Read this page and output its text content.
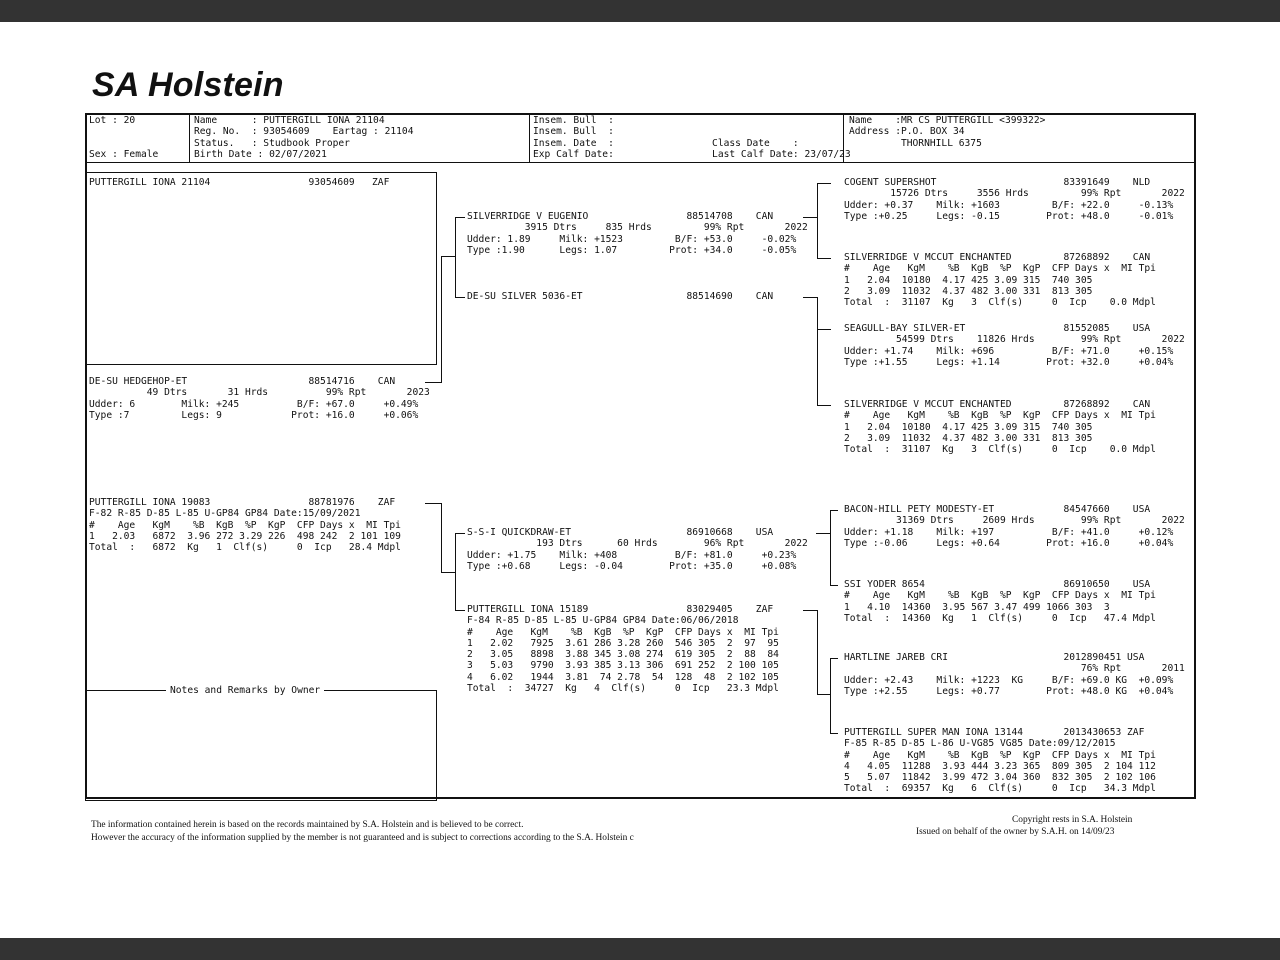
SA Holstein
Lot : 20

Sex : Female
Name      : PUTTERGILL IONA 21104
Reg. No.  : 93054609    Eartag : 21104
Status.   : Studbook Proper
Birth Date : 02/07/2021
Insem. Bull  :
Insem. Bull  :
Insem. Date  :                 Class Date    :
Exp Calf Date:                 Last Calf Date: 23/07/23
Name    :MR CS PUTTERGILL <399322>
Address :P.O. BOX 34
THORNHILL 6375
PUTTERGILL IONA 21104                 93054609   ZAF
DE-SU HEDGEHOP-ET                     88514716    CAN
49 Dtrs       31 Hrds          99% Rpt       2023
Udder: 6        Milk: +245          B/F: +67.0     +0.49%
Type :7         Legs: 9            Prot: +16.0     +0.06%
PUTTERGILL IONA 19083                 88781976    ZAF
F-82 R-85 D-85 L-85 U-GP84 GP84 Date:15/09/2021
#    Age   KgM    %B  KgB  %P  KgP  CFP Days x  MI Tpi
1   2.03   6872  3.96 272 3.29 226  498 242  2 101 109
Total  :   6872  Kg   1  Clf(s)     0  Icp   28.4 Mdpl
SILVERRIDGE V EUGENIO                 88514708    CAN
3915 Dtrs     835 Hrds         99% Rpt       2022
Udder: 1.89     Milk: +1523         B/F: +53.0     -0.02%
Type :1.90      Legs: 1.07         Prot: +34.0     -0.05%
DE-SU SILVER 5036-ET                  88514690    CAN
S-S-I QUICKDRAW-ET                    86910668    USA
193 Dtrs      60 Hrds        96% Rpt       2022
Udder: +1.75    Milk: +408          B/F: +81.0     +0.23%
Type :+0.68     Legs: -0.04        Prot: +35.0     +0.08%
PUTTERGILL IONA 15189                 83029405    ZAF
F-84 R-85 D-85 L-85 U-GP84 GP84 Date:06/06/2018
#    Age   KgM    %B  KgB  %P  KgP  CFP Days x  MI Tpi
1   2.02   7925  3.61 286 3.28 260  546 305  2  97  95
2   3.05   8898  3.88 345 3.08 274  619 305  2  88  84
3   5.03   9790  3.93 385 3.13 306  691 252  2 100 105
4   6.02   1944  3.81  74 2.78  54  128  48  2 102 105
Total  :  34727  Kg   4  Clf(s)     0  Icp   23.3 Mdpl
COGENT SUPERSHOT                      83391649    NLD
15726 Dtrs     3556 Hrds         99% Rpt       2022
Udder: +0.37    Milk: +1603         B/F: +22.0     -0.13%
Type :+0.25     Legs: -0.15        Prot: +48.0     -0.01%
SILVERRIDGE V MCCUT ENCHANTED         87268892    CAN
#    Age   KgM    %B  KgB  %P  KgP  CFP Days x  MI Tpi
1   2.04  10180  4.17 425 3.09 315  740 305
2   3.09  11032  4.37 482 3.00 331  813 305
Total  :  31107  Kg   3  Clf(s)     0  Icp    0.0 Mdpl
SEAGULL-BAY SILVER-ET                 81552085    USA
54599 Dtrs    11826 Hrds        99% Rpt       2022
Udder: +1.74    Milk: +696          B/F: +71.0     +0.15%
Type :+1.55     Legs: +1.14        Prot: +32.0     +0.04%
SILVERRIDGE V MCCUT ENCHANTED         87268892    CAN
#    Age   KgM    %B  KgB  %P  KgP  CFP Days x  MI Tpi
1   2.04  10180  4.17 425 3.09 315  740 305
2   3.09  11032  4.37 482 3.00 331  813 305
Total  :  31107  Kg   3  Clf(s)     0  Icp    0.0 Mdpl
BACON-HILL PETY MODESTY-ET            84547660    USA
31369 Dtrs     2609 Hrds        99% Rpt       2022
Udder: +1.18    Milk: +197          B/F: +41.0     +0.12%
Type :-0.06     Legs: +0.64        Prot: +16.0     +0.04%
SSI YODER 8654                        86910650    USA
#    Age   KgM    %B  KgB  %P  KgP  CFP Days x  MI Tpi
1   4.10  14360  3.95 567 3.47 499 1066 303  3
Total  :  14360  Kg   1  Clf(s)     0  Icp   47.4 Mdpl
HARTLINE JAREB CRI                    2012890451 USA
76% Rpt       2011
Udder: +2.43    Milk: +1223  KG     B/F: +69.0 KG  +0.09%
Type :+2.55     Legs: +0.77        Prot: +48.0 KG  +0.04%
PUTTERGILL SUPER MAN IONA 13144       2013430653 ZAF
F-85 R-85 D-85 L-86 U-VG85 VG85 Date:09/12/2015
#    Age   KgM    %B  KgB  %P  KgP  CFP Days x  MI Tpi
4   4.05  11288  3.93 444 3.23 365  809 305  2 104 112
5   5.07  11842  3.99 472 3.04 360  832 305  2 102 106
Total  :  69357  Kg   6  Clf(s)     0  Icp   34.3 Mdpl
Notes and Remarks by Owner
The information contained herein is based on the records maintained by S.A. Holstein and is believed to be correct.
However the accuracy of the information supplied by the member is not guaranteed and is subject to corrections according to the S.A. Holstein c
Copyright rests in S.A. Holstein
Issued on behalf of the owner by S.A.H. on 14/09/23
